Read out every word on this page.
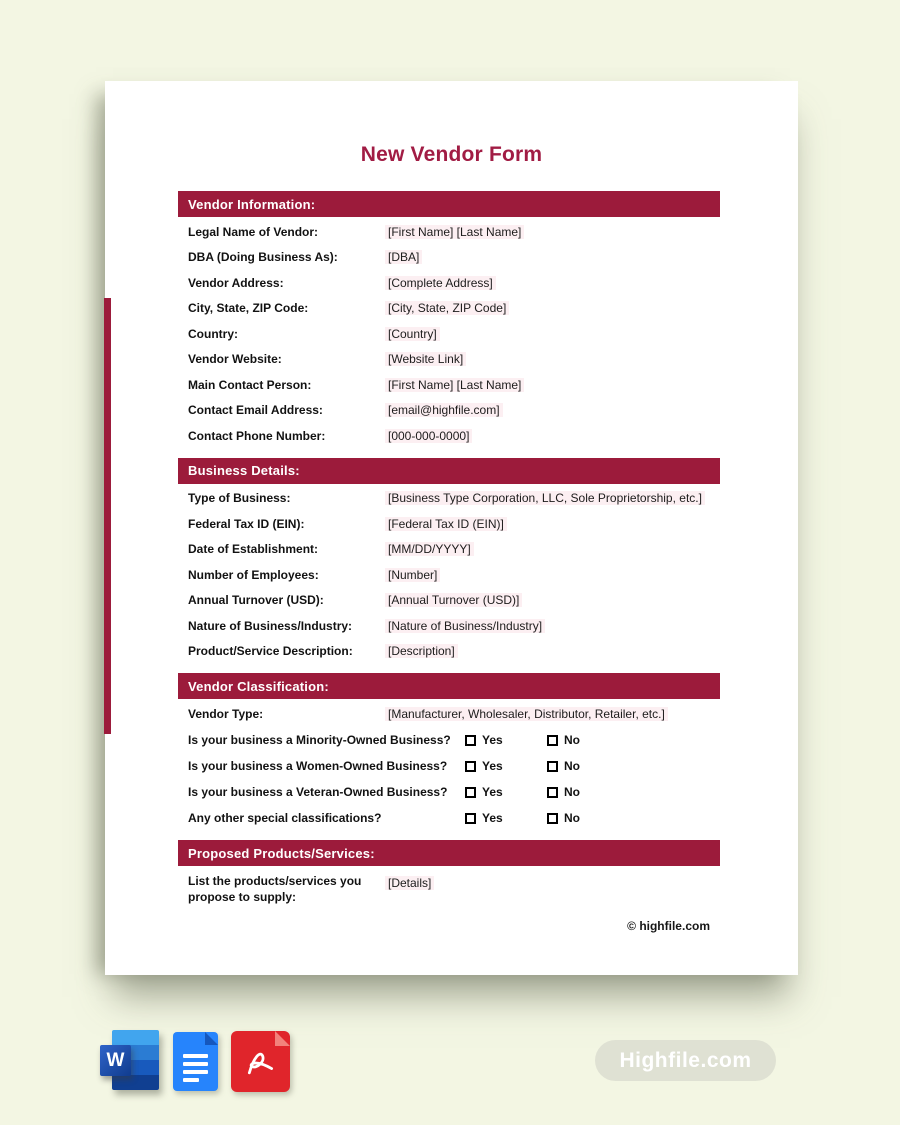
New Vendor Form
Vendor Information:
Legal Name of Vendor:	[First Name] [Last Name]
DBA (Doing Business As):	[DBA]
Vendor Address:	[Complete Address]
City, State, ZIP Code:	[City, State, ZIP Code]
Country:	[Country]
Vendor Website:	[Website Link]
Main Contact Person:	[First Name] [Last Name]
Contact Email Address:	[email@highfile.com]
Contact Phone Number:	[000-000-0000]
Business Details:
Type of Business:	[Business Type Corporation, LLC, Sole Proprietorship, etc.]
Federal Tax ID (EIN):	[Federal Tax ID (EIN)]
Date of Establishment:	[MM/DD/YYYY]
Number of Employees:	[Number]
Annual Turnover (USD):	[Annual Turnover (USD)]
Nature of Business/Industry:	[Nature of Business/Industry]
Product/Service Description:	[Description]
Vendor Classification:
Vendor Type:	[Manufacturer, Wholesaler, Distributor, Retailer, etc.]
Is your business a Minority-Owned Business?	Yes	No
Is your business a Women-Owned Business?	Yes	No
Is your business a Veteran-Owned Business?	Yes	No
Any other special classifications?	Yes	No
Proposed Products/Services:
List the products/services you propose to supply:
[Details]
© highfile.com
W	Highfile.com
